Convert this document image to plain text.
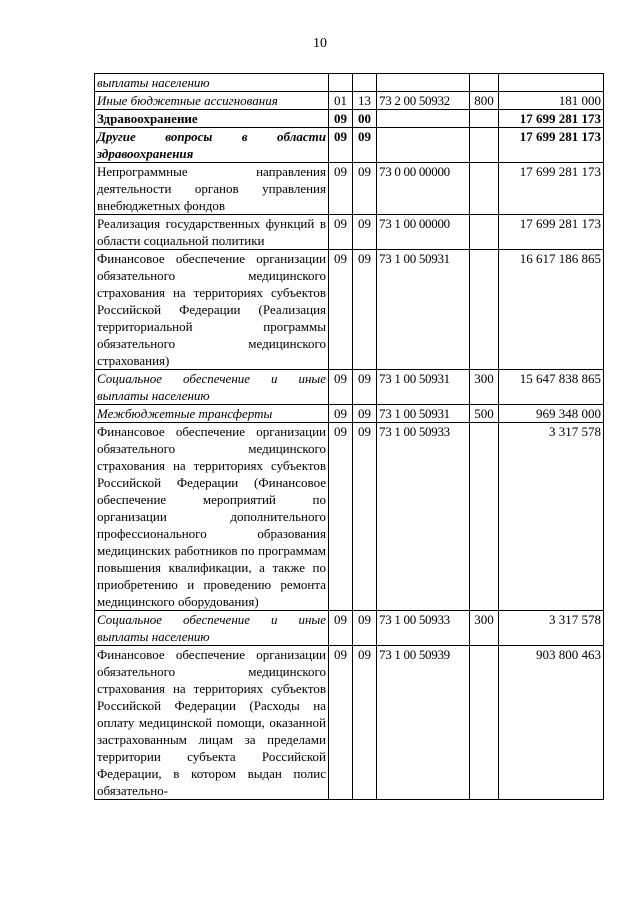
10
выплаты населению					
Иные бюджетные ассигнования	01	13	73 2 00 50932	800	181 000
Здравоохранение	09	00			17 699 281 173
Другие вопросы в области здравоохранения	09	09			17 699 281 173
Непрограммные направления деятельности органов управления внебюджетных фондов	09	09	73 0 00 00000		17 699 281 173
Реализация государственных функций в области социальной политики	09	09	73 1 00 00000		17 699 281 173
Финансовое обеспечение организации обязательного медицинского страхования на территориях субъектов Российской Федерации (Реализация территориальной программы обязательного медицинского страхования)	09	09	73 1 00 50931		16 617 186 865
Социальное обеспечение и иные выплаты населению	09	09	73 1 00 50931	300	15 647 838 865
Межбюджетные трансферты	09	09	73 1 00 50931	500	969 348 000
Финансовое обеспечение организации обязательного медицинского страхования на территориях субъектов Российской Федерации (Финансовое обеспечение мероприятий по организации дополнительного профессионального образования медицинских работников по программам повышения квалификации, а также по приобретению и проведению ремонта медицинского оборудования)	09	09	73 1 00 50933		3 317 578
Социальное обеспечение и иные выплаты населению	09	09	73 1 00 50933	300	3 317 578
Финансовое обеспечение организации обязательного медицинского страхования на территориях субъектов Российской Федерации (Расходы на оплату медицинской помощи, оказанной застрахованным лицам за пределами территории субъекта Российской Федерации, в котором выдан полис обязательно-	09	09	73 1 00 50939		903 800 463
